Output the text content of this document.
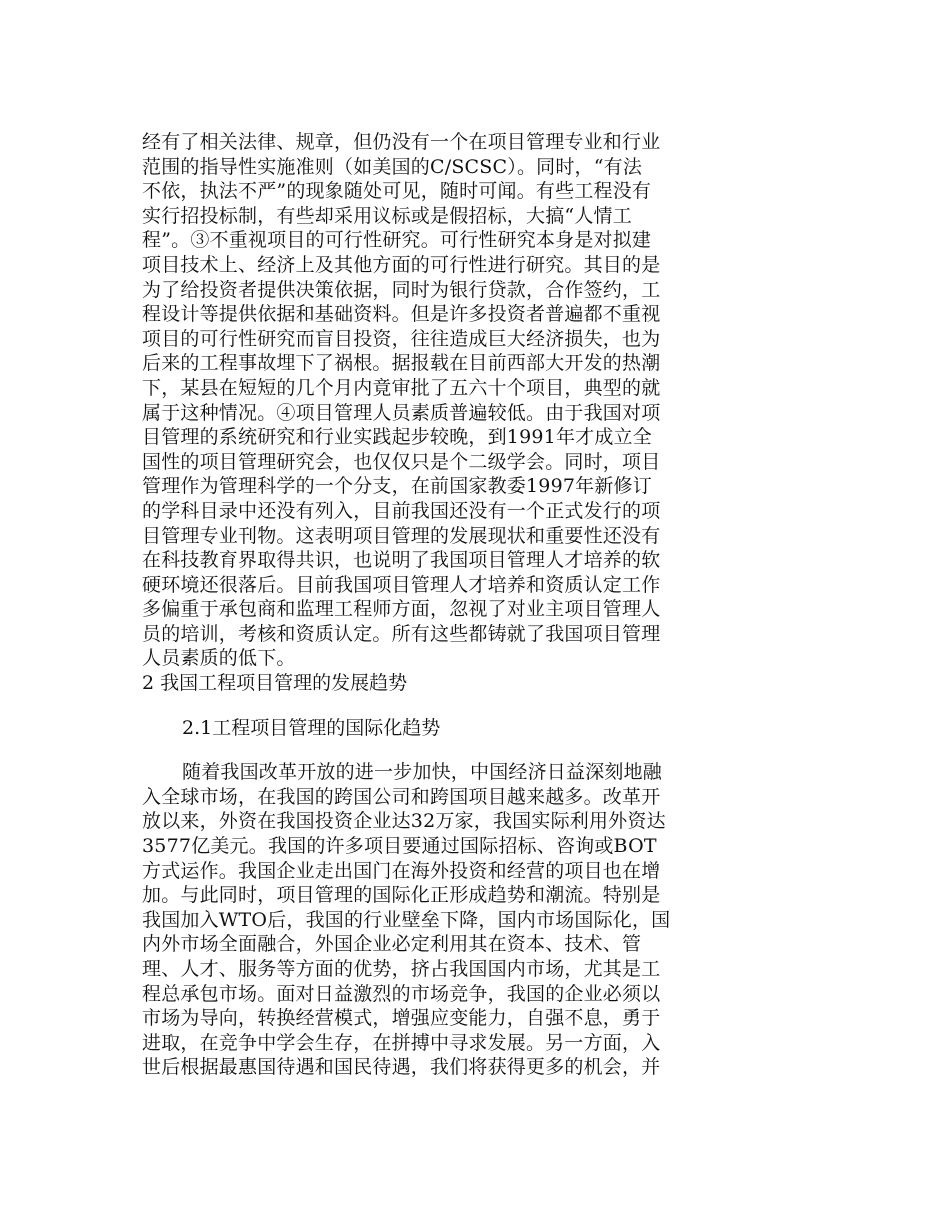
经有了相关法律、规章，但仍没有一个在项目管理专业和行业
范围的指导性实施准则（如美国的C/SCSC）。同时，“有法
不依，执法不严”的现象随处可见，随时可闻。有些工程没有
实行招投标制，有些却采用议标或是假招标，大搞“人情工
程”。③不重视项目的可行性研究。可行性研究本身是对拟建
项目技术上、经济上及其他方面的可行性进行研究。其目的是
为了给投资者提供决策依据，同时为银行贷款，合作签约，工
程设计等提供依据和基础资料。但是许多投资者普遍都不重视
项目的可行性研究而盲目投资，往往造成巨大经济损失，也为
后来的工程事故埋下了祸根。据报载在目前西部大开发的热潮
下，某县在短短的几个月内竟审批了五六十个项目，典型的就
属于这种情况。④项目管理人员素质普遍较低。由于我国对项
目管理的系统研究和行业实践起步较晚，到1991年才成立全
国性的项目管理研究会，也仅仅只是个二级学会。同时，项目
管理作为管理科学的一个分支，在前国家教委1997年新修订
的学科目录中还没有列入，目前我国还没有一个正式发行的项
目管理专业刊物。这表明项目管理的发展现状和重要性还没有
在科技教育界取得共识，也说明了我国项目管理人才培养的软
硬环境还很落后。目前我国项目管理人才培养和资质认定工作
多偏重于承包商和监理工程师方面，忽视了对业主项目管理人
员的培训，考核和资质认定。所有这些都铸就了我国项目管理
人员素质的低下。
2 我国工程项目管理的发展趋势
2.1工程项目管理的国际化趋势
随着我国改革开放的进一步加快，中国经济日益深刻地融
入全球市场，在我国的跨国公司和跨国项目越来越多。改革开
放以来，外资在我国投资企业达32万家，我国实际利用外资达
3577亿美元。我国的许多项目要通过国际招标、咨询或BOT
方式运作。我国企业走出国门在海外投资和经营的项目也在增
加。与此同时，项目管理的国际化正形成趋势和潮流。特别是
我国加入WTO后，我国的行业壁垒下降，国内市场国际化，国
内外市场全面融合，外国企业必定利用其在资本、技术、管
理、人才、服务等方面的优势，挤占我国国内市场，尤其是工
程总承包市场。面对日益激烈的市场竞争，我国的企业必须以
市场为导向，转换经营模式，增强应变能力，自强不息，勇于
进取，在竞争中学会生存，在拼搏中寻求发展。另一方面，入
世后根据最惠国待遇和国民待遇，我们将获得更多的机会，并
